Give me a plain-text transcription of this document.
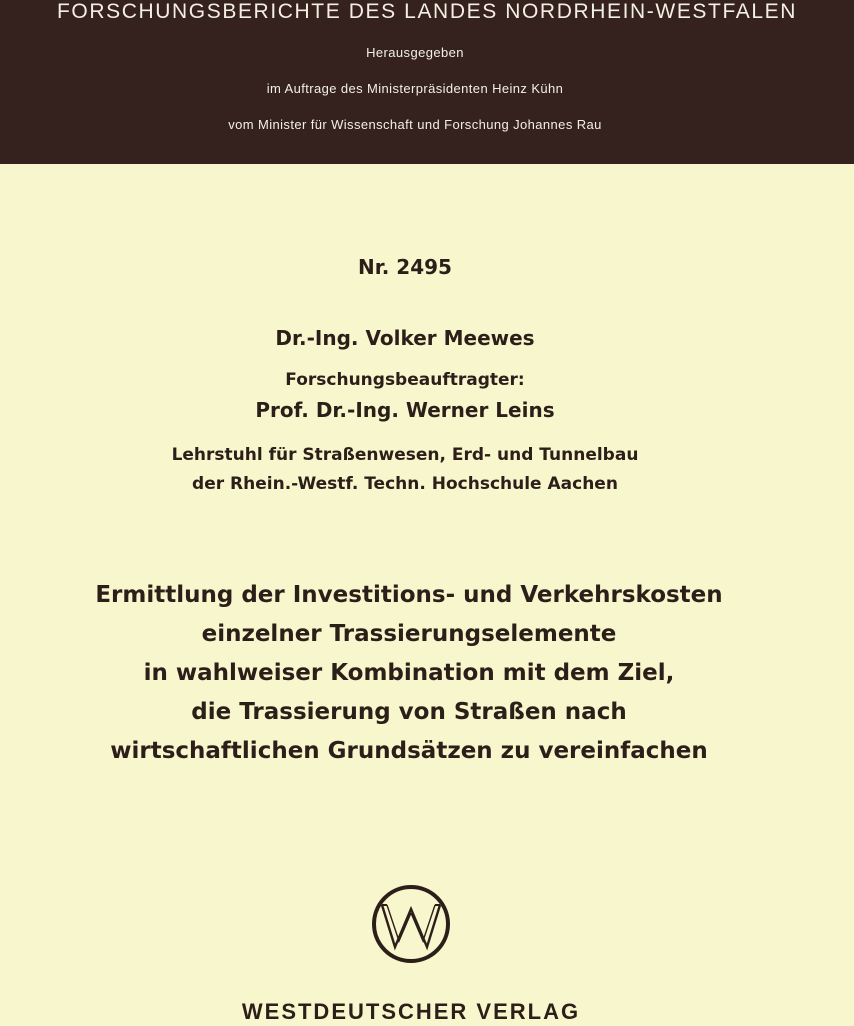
FORSCHUNGSBERICHTE DES LANDES NORDRHEIN-WESTFALEN
Herausgegeben
im Auftrage des Ministerpräsidenten Heinz Kühn
vom Minister für Wissenschaft und Forschung Johannes Rau
Nr. 2495
Dr.-Ing. Volker Meewes
Forschungsbeauftragter:
Prof. Dr.-Ing. Werner Leins
Lehrstuhl für Straßenwesen, Erd- und Tunnelbau
der Rhein.-Westf. Techn. Hochschule Aachen
Ermittlung der Investitions- und Verkehrskosten
einzelner Trassierungselemente
in wahlweiser Kombination mit dem Ziel,
die Trassierung von Straßen nach
wirtschaftlichen Grundsätzen zu vereinfachen
WESTDEUTSCHER VERLAG
